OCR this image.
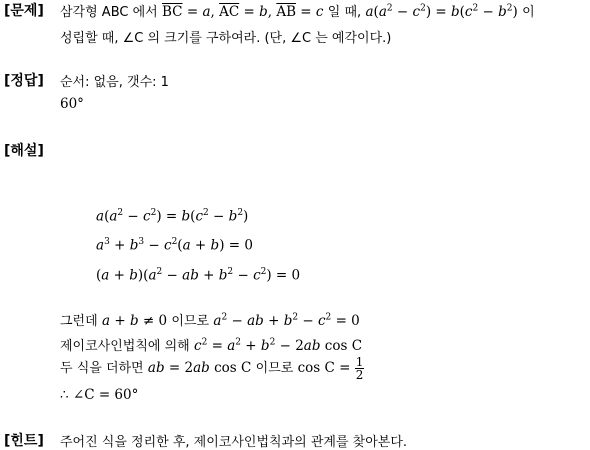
[문제]
[정답]
[해설]
[힌트]
삼각형 ABC 에서 $\overline{BC} = a$, $\overline{AC} = b$, $\overline{AB} = c$ 일 때, $a(a^2 - c^2) = b(c^2 - b^2)$ 이
성립할 때, ∠C 의 크기를 구하여라. (단, ∠C 는 예각이다.)
순서: 없음, 갯수: 1
60°
$a(a^2 - c^2) = b(c^2 - b^2)$
$a^3 + b^3 - c^2(a + b) = 0$
$(a + b)(a^2$ − ab + $b^2 - c^2) = 0$
그런데 a + b ≠ 0 이므로 $a^2$ − ab + $b^2 - c^2 = 0$
제이코사인법칙에 의해 $c^2 = a^2 + b^2 - 2ab$ cos C
두 식을 더하면 ab = 2ab cos C 이므로 $\cos C = \frac{1}{2}$
∴ ∠C = 60°
주어진 식을 정리한 후, 제이코사인법칙과의 관계를 찾아본다.
